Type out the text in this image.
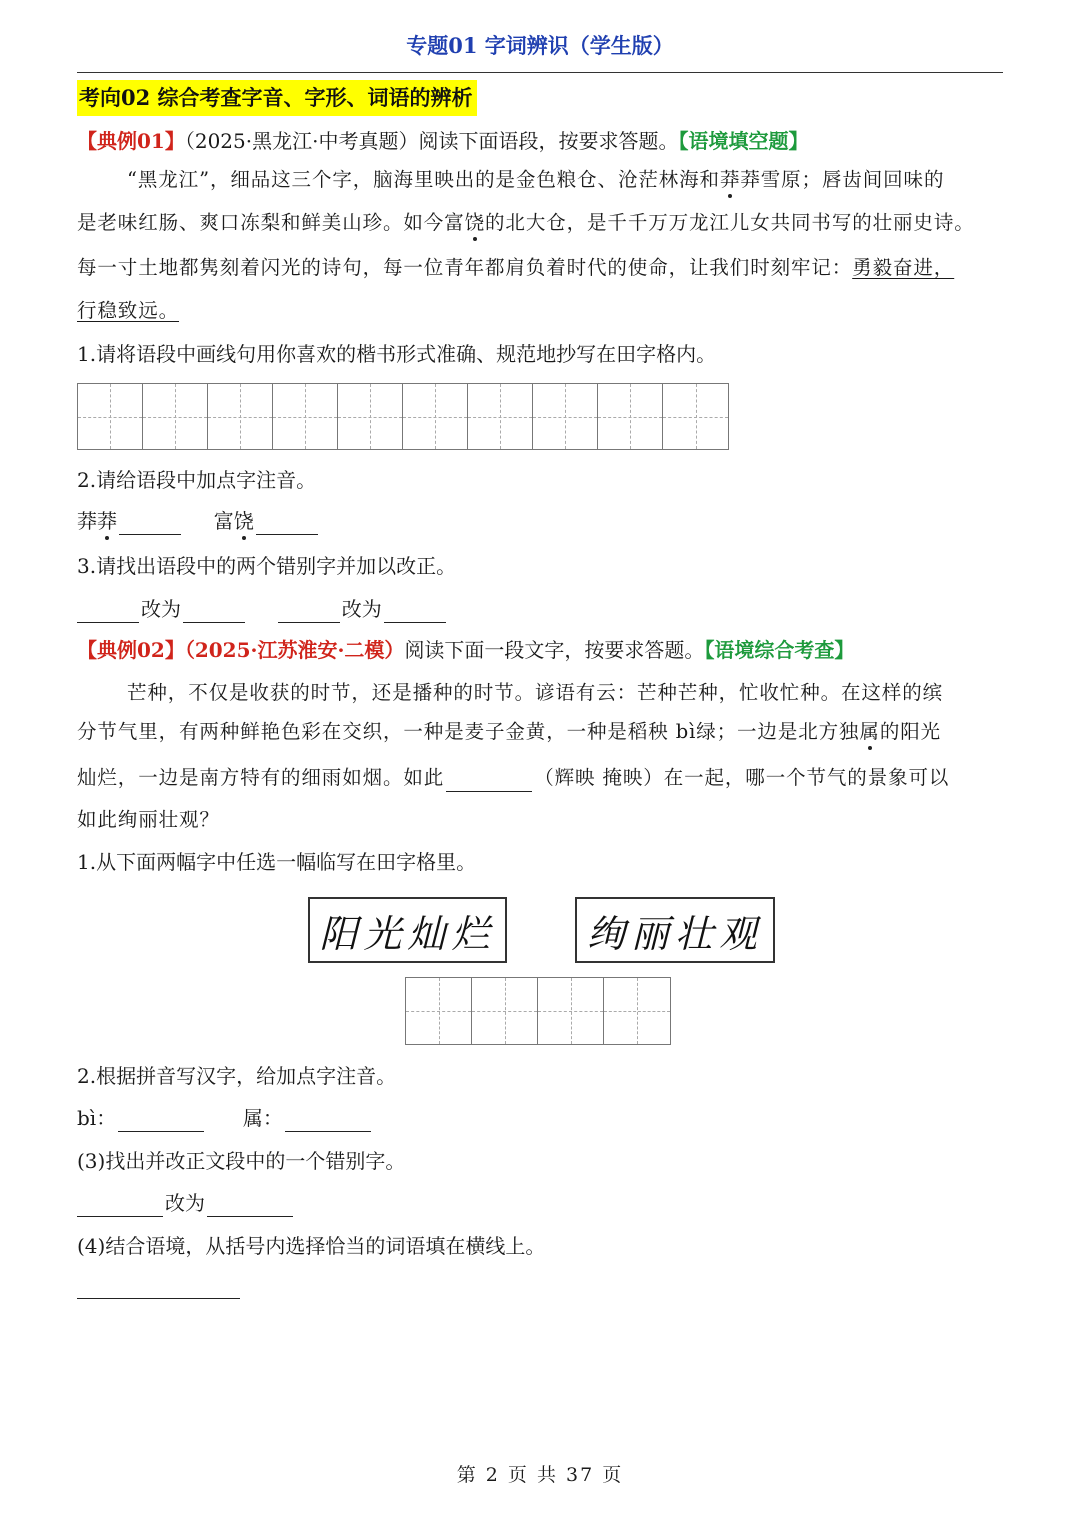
专题01 字词辨识（学生版）
考向02 综合考查字音、字形、词语的辨析
【典例01】（2025·黑龙江·中考真题）阅读下面语段，按要求答题。【语境填空题】
“黑龙江”，细品这三个字，脑海里映出的是金色粮仓、沧茫林海和莽莽雪原；唇齿间回味的
是老味红肠、爽口冻梨和鲜美山珍。如今富饶的北大仓，是千千万万龙江儿女共同书写的壮丽史诗。
每一寸土地都隽刻着闪光的诗句，每一位青年都肩负着时代的使命，让我们时刻牢记：勇毅奋进，
行稳致远。
1.请将语段中画线句用你喜欢的楷书形式准确、规范地抄写在田字格内。
2.请给语段中加点字注音。
莽莽	富饶
3.请找出语段中的两个错别字并加以改正。
改为	改为
【典例02】（2025·江苏淮安·二模）阅读下面一段文字，按要求答题。【语境综合考查】
芒种，不仅是收获的时节，还是播种的时节。谚语有云：芒种芒种，忙收忙种。在这样的缤
分节气里，有两种鲜艳色彩在交织，一种是麦子金黄，一种是稻秧 bì绿；一边是北方独属的阳光
灿烂，一边是南方特有的细雨如烟。如此	（辉映 掩映）在一起，哪一个节气的景象可以
如此绚丽壮观？
1.从下面两幅字中任选一幅临写在田字格里。
阳光灿烂	绚丽壮观
2.根据拼音写汉字，给加点字注音。
bì：	属：
(3)找出并改正文段中的一个错别字。
改为
(4)结合语境，从括号内选择恰当的词语填在横线上。
第 2 页 共 37 页
